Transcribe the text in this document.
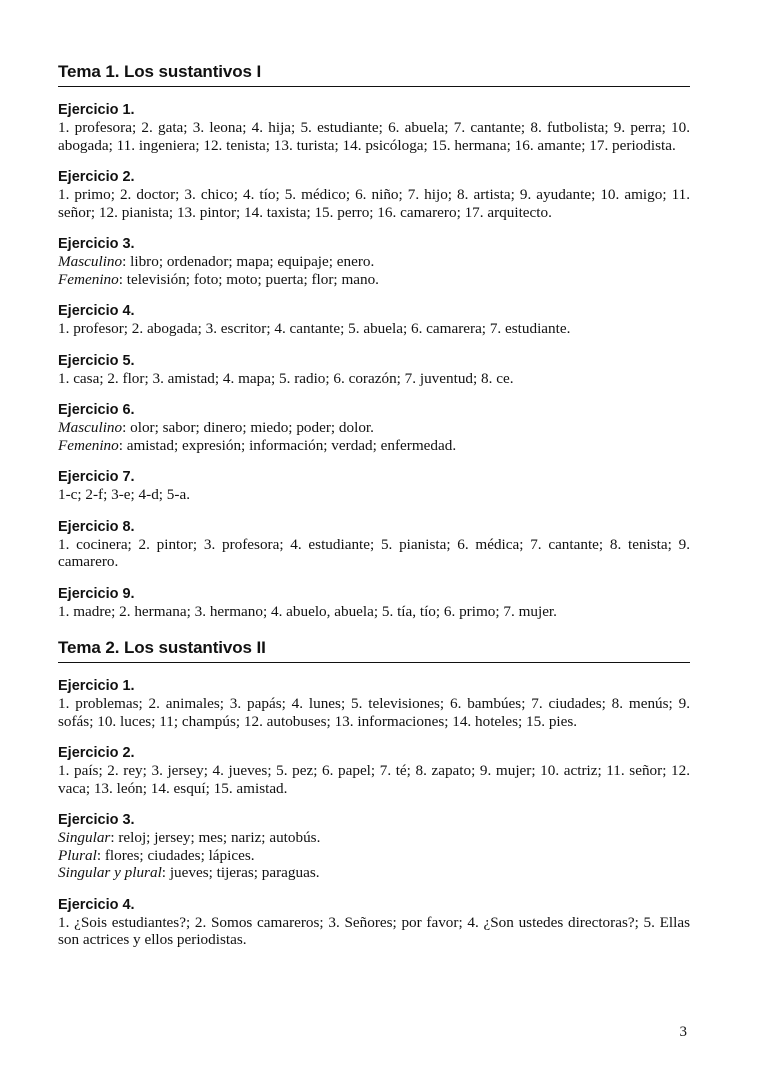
Tema 1. Los sustantivos I
Ejercicio 1.
1. profesora; 2. gata; 3. leona; 4. hija; 5. estudiante; 6. abuela; 7. cantante; 8. futbolista; 9. perra; 10. abogada; 11. ingeniera; 12. tenista; 13. turista; 14. psicóloga; 15. hermana; 16. amante; 17. periodista.
Ejercicio 2.
1. primo; 2. doctor; 3. chico; 4. tío; 5. médico; 6. niño; 7. hijo; 8. artista; 9. ayudante; 10. amigo; 11. señor; 12. pianista; 13. pintor; 14. taxista; 15. perro; 16. camarero; 17. arquitecto.
Ejercicio 3.
Masculino: libro; ordenador; mapa; equipaje; enero.
Femenino: televisión; foto; moto; puerta; flor; mano.
Ejercicio 4.
1. profesor; 2. abogada; 3. escritor; 4. cantante; 5. abuela; 6. camarera; 7. estudiante.
Ejercicio 5.
1. casa; 2. flor; 3. amistad; 4. mapa; 5. radio; 6. corazón; 7. juventud; 8. ce.
Ejercicio 6.
Masculino: olor; sabor; dinero; miedo; poder; dolor.
Femenino: amistad; expresión; información; verdad; enfermedad.
Ejercicio 7.
1-c; 2-f; 3-e; 4-d; 5-a.
Ejercicio 8.
1. cocinera; 2. pintor; 3. profesora; 4. estudiante; 5. pianista; 6. médica; 7. cantante; 8. tenista; 9. camarero.
Ejercicio 9.
1. madre; 2. hermana; 3. hermano; 4. abuelo, abuela; 5. tía, tío; 6. primo; 7. mujer.
Tema 2. Los sustantivos II
Ejercicio 1.
1. problemas; 2. animales; 3. papás; 4. lunes; 5. televisiones; 6. bambúes; 7. ciudades; 8. menús; 9. sofás; 10. luces; 11; champús; 12. autobuses; 13. informaciones; 14. hoteles; 15. pies.
Ejercicio 2.
1. país; 2. rey; 3. jersey; 4. jueves; 5. pez; 6. papel; 7. té; 8. zapato; 9. mujer; 10. actriz; 11. señor; 12. vaca; 13. león; 14. esquí; 15. amistad.
Ejercicio 3.
Singular: reloj; jersey; mes; nariz; autobús.
Plural: flores; ciudades; lápices.
Singular y plural: jueves; tijeras; paraguas.
Ejercicio 4.
1. ¿Sois estudiantes?; 2. Somos camareros; 3. Señores; por favor; 4. ¿Son ustedes directoras?; 5. Ellas son actrices y ellos periodistas.
3
